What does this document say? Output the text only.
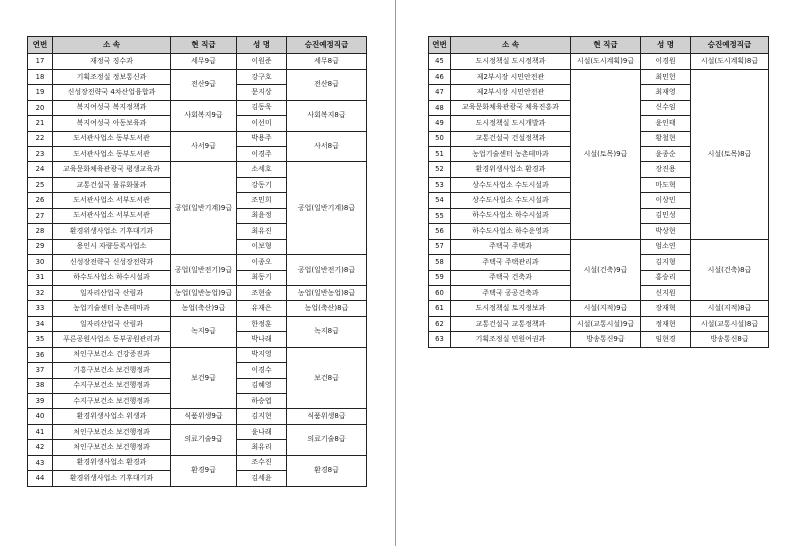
연번	소 속	현 직급	성 명	승진예정직급
17	재정국 징수과	세무9급	이원준	세무8급
18	기획조정실 정보통신과	전산9급	강구호	전산8급
19	신성장전략국 4차산업융합과		문지상	
20	복지여성국 복지정책과	사회복지9급	김동욱	사회복지8급
21	복지여성국 아동보육과		이선미	
22	도서관사업소 동부도서관	사서9급	박용주	사서8급
23	도서관사업소 동부도서관		이경주	
24	교육문화체육관광국 평생교육과	공업(일반기계)9급	소세호	공업(일반기계)8급
25	교통건설국 물류화물과		강동기	
26	도서관사업소 서부도서관		조민희	
27	도서관사업소 서부도서관		최윤정	
28	환경위생사업소 기후대기과		최유진	
29	용인시 자량등록사업소		이보형	
30	신성장전략국 신성장전략과	공업(일반전기)9급	이종오	공업(일반전기)8급
31	하수도사업소 하수시설과		최동기	
32	일자리산업국 산림과	농업(일반농업)9급	조현술	농업(일반농업)8급
33	농업기술센터 농촌테마과	농업(축산)9급	유재은	농업(축산)8급
34	일자리산업국 산림과	녹지9급	한정훈	녹지8급
35	푸른공원사업소 동부공원관리과		박나래	
36	처인구보건소 건강증진과	보건9급	박지영	보건8급
37	기흥구보건소 보건행정과		이경수	
38	수지구보건소 보건행정과		김혜영	
39	수지구보건소 보건행정과		하승엽	
40	환경위생사업소 위생과	식품위생9급	김지현	식품위생8급
41	처인구보건소 보건행정과	의료기술9급	윤나래	의료기술8급
42	처인구보건소 보건행정과		최유리	
43	환경위생사업소 환경과	환경9급	조수진	환경8급
44	환경위생사업소 기후대기과		김세윤	
연번	소 속	현 직급	성 명	승진예정직급
45	도시정책실 도시정책과	시설(도시계획)9급	이경원	시설(도시계획)8급
46	제2부시장 시민안전관	시설(토목)9급	최민헌	시설(토목)8급
47	제2부시장 시민안전관		최재영	
48	교육문화체육관광국 체육진흥과		신수임	
49	도시정책실 도시개발과		윤인태	
50	교통건설국 건설정책과		황철현	
51	농업기술센터 농촌테마과		윤종순	
52	환경위생사업소 환경과		장진용	
53	상수도사업소 수도시설과		마도혁	
54	상수도사업소 수도시설과		이상민	
55	하수도사업소 하수시설과		김민성	
56	하수도사업소 하수운영과		박상현	
57	주택국 주택과	시설(건축)9급	엄소연	시설(건축)8급
58	주택국 주택관리과		김지형	
59	주택국 건축과		홍승리	
60	주택국 공공건축과		신지원	
61	도시정책실 토지정보과	시설(지적)9급	장재혁	시설(지적)8급
62	교통건설국 교통정책과	시설(교통시설)9급	정재현	시설(교통시설)8급
63	기획조정실 민원여권과	방송통신9급	임현경	방송통신8급
